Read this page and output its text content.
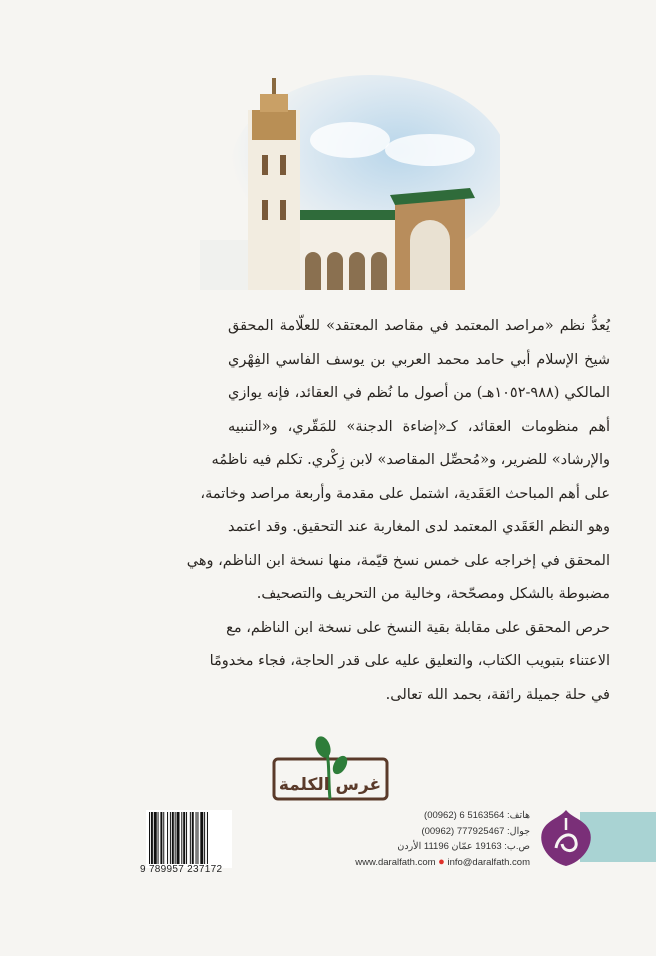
يُعدُّ نظم «مراصد المعتمد في مقاصد المعتقد» للعلّامة المحقق
شيخ الإسلام أبي حامد محمد العربي بن يوسف الفاسي الفِهْري
المالكي (٩٨٨-١٠٥٢هـ) من أصول ما نُظم في العقائد، فإنه يوازي
أهم منظومات العقائد، كـ«إضاءة الدجنة» للمَقّري، و«التنبيه
والإرشاد» للضرير، و«مُحصِّل المقاصد» لابن زِكْري. تكلم فيه ناظمُه
على أهم المباحث العَقَدية، اشتمل على مقدمة وأربعة مراصد وخاتمة،
وهو النظم العَقَدي المعتمد لدى المغاربة عند التحقيق. وقد اعتمد
المحقق في إخراجه على خمس نسخ قيّمة، منها نسخة ابن الناظم، وهي
مضبوطة بالشكل ومصحّحة، وخالية من التحريف والتصحيف.
حرص المحقق على مقابلة بقية النسخ على نسخة ابن الناظم، مع
الاعتناء بتبويب الكتاب، والتعليق عليه على قدر الحاجة، فجاء مخدومًا
في حلة جميلة رائقة، بحمد الله تعالى.
غرس الكلمة
هاتف: (00962) 6 5163564
جوال: (00962) 777925467
ص.ب: 19163 عمّان 11196 الأردن
www.daralfath.com ● info@daralfath.com
9 789957 237172
